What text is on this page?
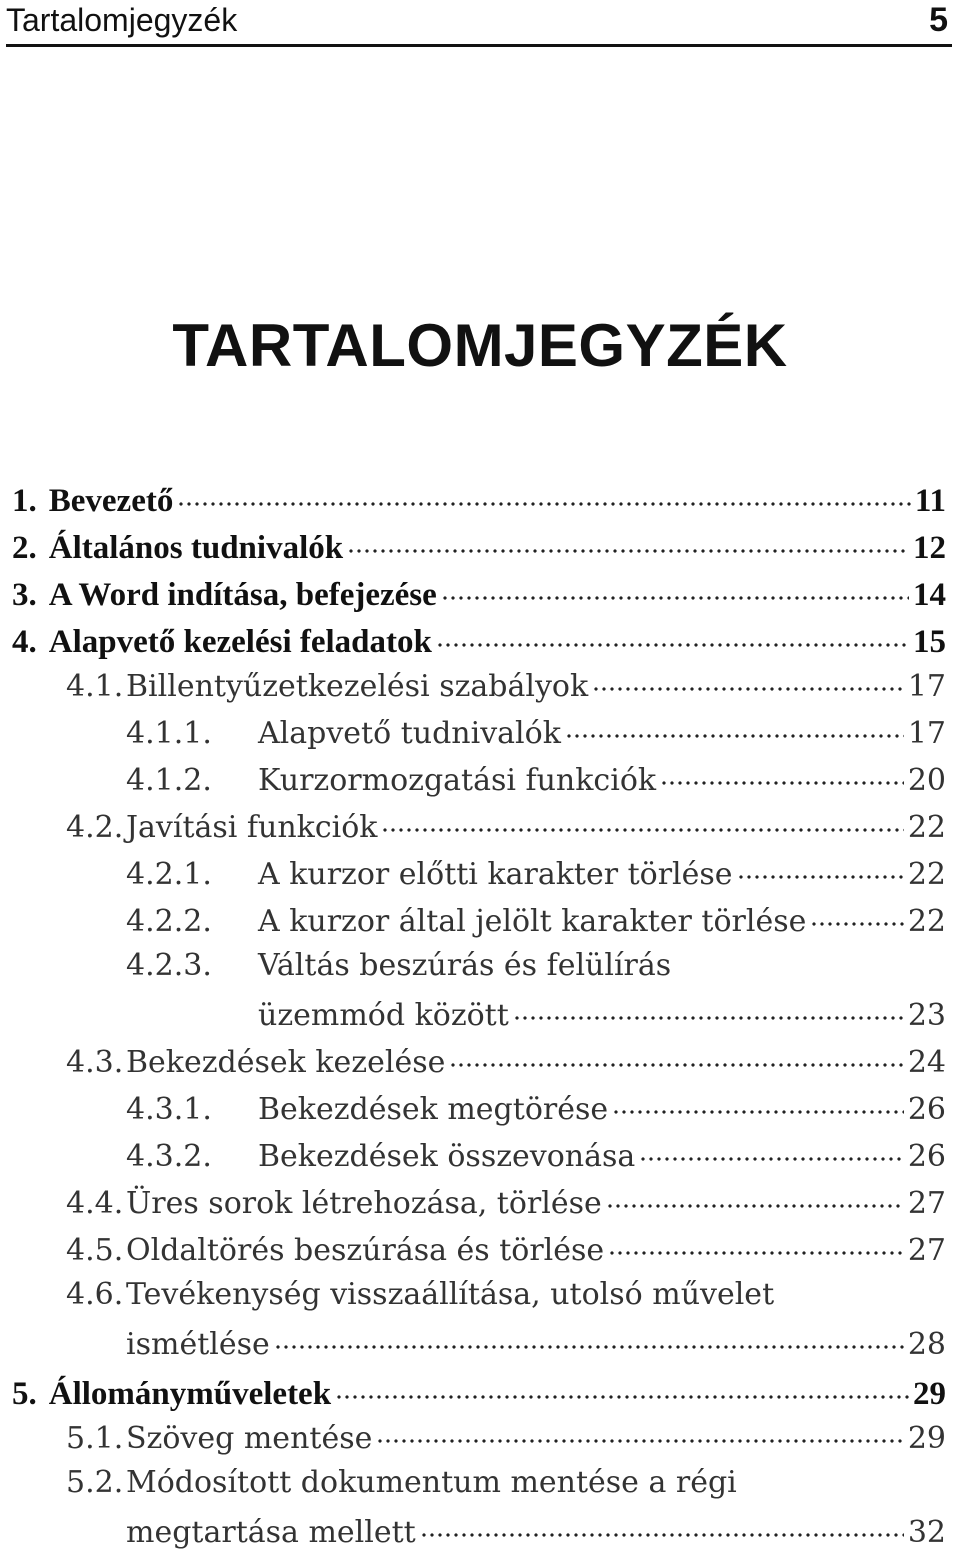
Tartalomjegyzék	5
TARTALOMJEGYZÉK
1. Bevezető	11
2. Általános tudnivalók	12
3. A Word indítása, befejezése	14
4. Alapvető kezelési feladatok	15
4.1. Billentyűzetkezelési szabályok	17
4.1.1.	Alapvető tudnivalók	17
4.1.2.	Kurzormozgatási funkciók	20
4.2. Javítási funkciók	22
4.2.1.	A kurzor előtti karakter törlése	22
4.2.2.	A kurzor által jelölt karakter törlése	22
4.2.3.	Váltás beszúrás és felülírás
üzemmód között	23
4.3. Bekezdések kezelése	24
4.3.1.	Bekezdések megtörése	26
4.3.2.	Bekezdések összevonása	26
4.4. Üres sorok létrehozása, törlése	27
4.5. Oldaltörés beszúrása és törlése	27
4.6. Tevékenység visszaállítása, utolsó művelet
ismétlése	28
5. Állományműveletek	29
5.1. Szöveg mentése	29
5.2. Módosított dokumentum mentése a régi
megtartása mellett	32
